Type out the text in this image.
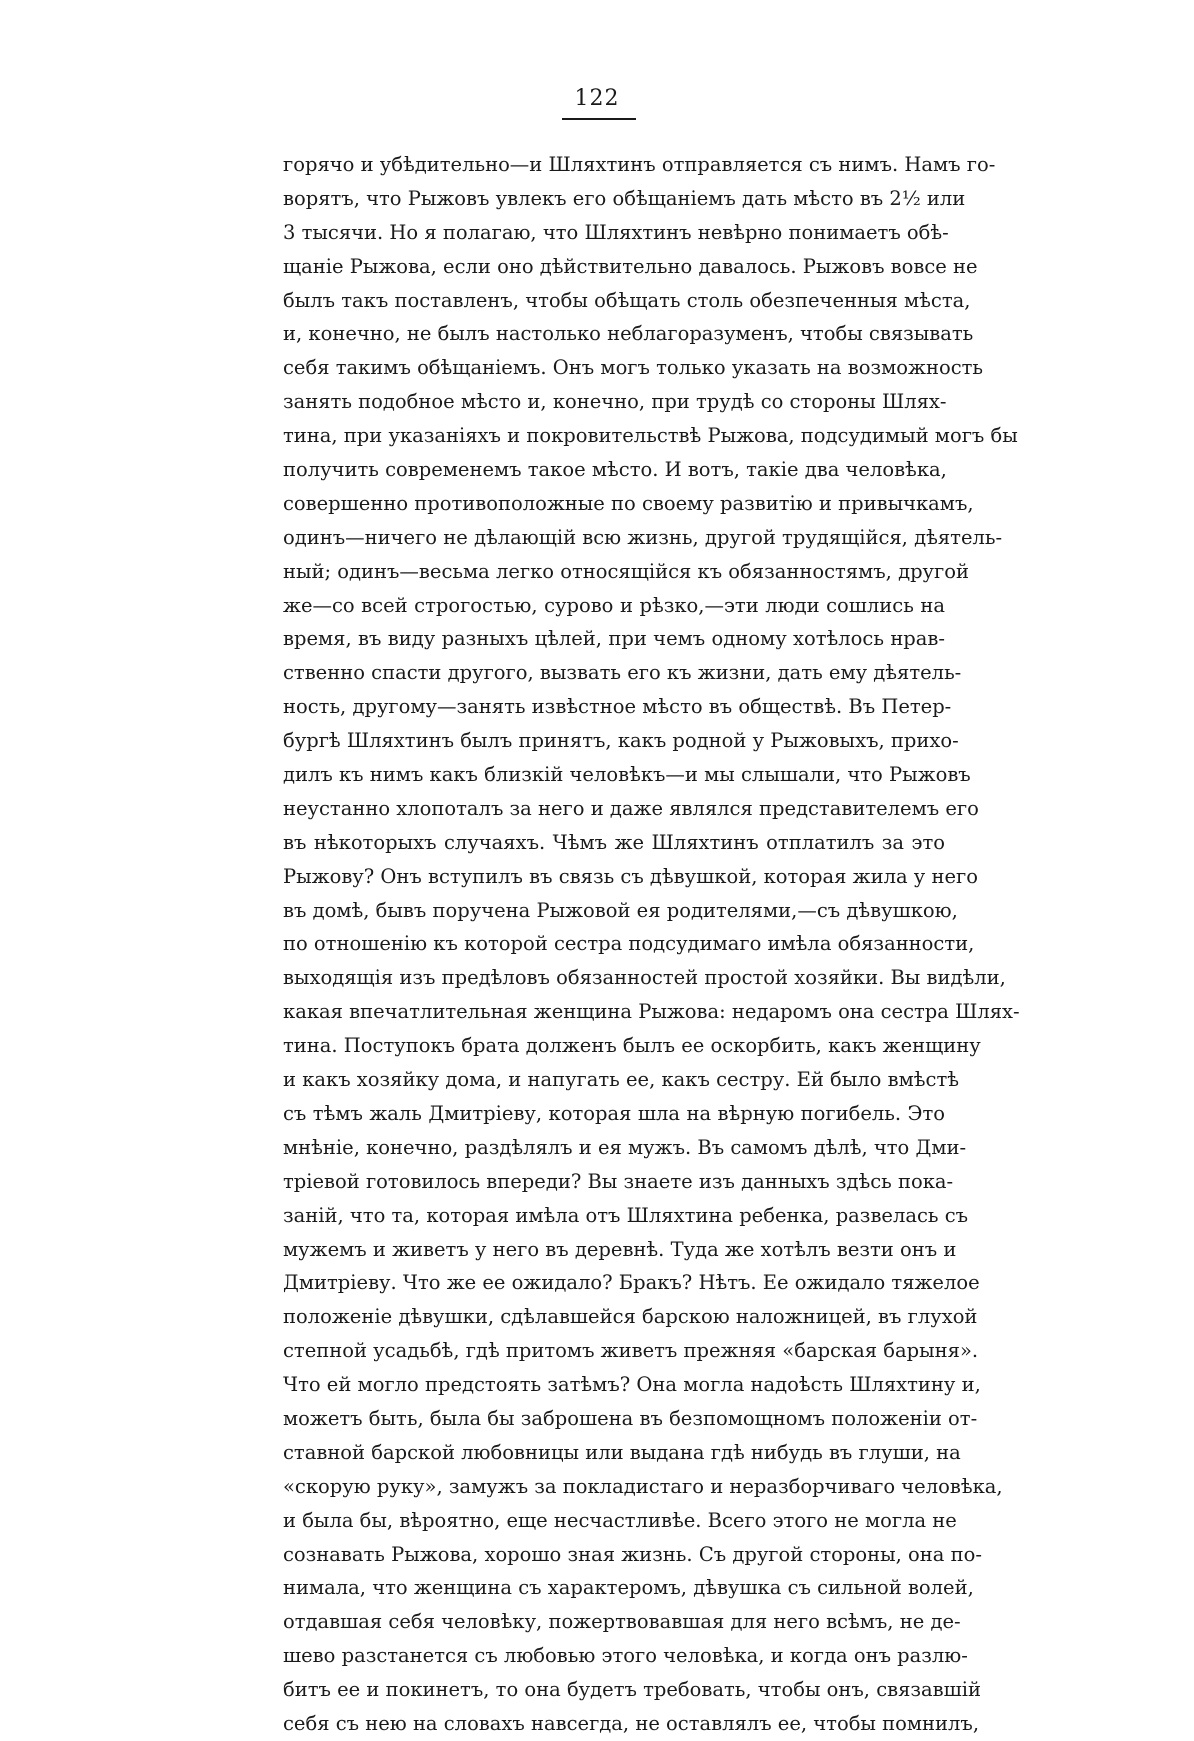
122
горячо и убѣдительно—и Шляхтинъ отправляется съ нимъ. Намъ го-
ворятъ, что Рыжовъ увлекъ его обѣщаніемъ дать мѣсто въ 2½ или
3 тысячи. Но я полагаю, что Шляхтинъ невѣрно понимаетъ обѣ-
щаніе Рыжова, если оно дѣйствительно давалось. Рыжовъ вовсе не
былъ такъ поставленъ, чтобы обѣщать столь обезпеченныя мѣста,
и, конечно, не былъ настолько неблагоразуменъ, чтобы связывать
себя такимъ обѣщаніемъ. Онъ могъ только указать на возможность
занять подобное мѣсто и, конечно, при трудѣ со стороны Шлях-
тина, при указаніяхъ и покровительствѣ Рыжова, подсудимый могъ бы
получить современемъ такое мѣсто. И вотъ, такіе два человѣка,
совершенно противоположные по своему развитію и привычкамъ,
одинъ—ничего не дѣлающій всю жизнь, другой трудящійся, дѣятель-
ный; одинъ—весьма легко относящійся къ обязанностямъ, другой
же—со всей строгостью, сурово и рѣзко,—эти люди сошлись на
время, въ виду разныхъ цѣлей, при чемъ одному хотѣлось нрав-
ственно спасти другого, вызвать его къ жизни, дать ему дѣятель-
ность, другому—занять извѣстное мѣсто въ обществѣ. Въ Петер-
бургѣ Шляхтинъ былъ принятъ, какъ родной у Рыжовыхъ, прихо-
дилъ къ нимъ какъ близкій человѣкъ—и мы слышали, что Рыжовъ
неустанно хлопоталъ за него и даже являлся представителемъ его
въ нѣкоторыхъ случаяхъ. Чѣмъ же Шляхтинъ отплатилъ за это
Рыжову? Онъ вступилъ въ связь съ дѣвушкой, которая жила у него
въ домѣ, бывъ поручена Рыжовой ея родителями,—съ дѣвушкою,
по отношенію къ которой сестра подсудимаго имѣла обязанности,
выходящія изъ предѣловъ обязанностей простой хозяйки. Вы видѣли,
какая впечатлительная женщина Рыжова: недаромъ она сестра Шлях-
тина. Поступокъ брата долженъ былъ ее оскорбить, какъ женщину
и какъ хозяйку дома, и напугать ее, какъ сестру. Ей было вмѣстѣ
съ тѣмъ жаль Дмитріеву, которая шла на вѣрную погибель. Это
мнѣніе, конечно, раздѣлялъ и ея мужъ. Въ самомъ дѣлѣ, что Дми-
тріевой готовилось впереди? Вы знаете изъ данныхъ здѣсь пока-
заній, что та, которая имѣла отъ Шляхтина ребенка, развелась съ
мужемъ и живетъ у него въ деревнѣ. Туда же хотѣлъ везти онъ и
Дмитріеву. Что же ее ожидало? Бракъ? Нѣтъ. Ее ожидало тяжелое
положеніе дѣвушки, сдѣлавшейся барскою наложницей, въ глухой
степной усадьбѣ, гдѣ притомъ живетъ прежняя «барская барыня».
Что ей могло предстоять затѣмъ? Она могла надоѣсть Шляхтину и,
можетъ быть, была бы заброшена въ безпомощномъ положеніи от-
ставной барской любовницы или выдана гдѣ нибудь въ глуши, на
«скорую руку», замужъ за покладистаго и неразборчиваго человѣка,
и была бы, вѣроятно, еще несчастливѣе. Всего этого не могла не
сознавать Рыжова, хорошо зная жизнь. Съ другой стороны, она по-
нимала, что женщина съ характеромъ, дѣвушка съ сильной волей,
отдавшая себя человѣку, пожертвовавшая для него всѣмъ, не де-
шево разстанется съ любовью этого человѣка, и когда онъ разлю-
битъ ее и покинетъ, то она будетъ требовать, чтобы онъ, связавшій
себя съ нею на словахъ навсегда, не оставлялъ ее, чтобы помнилъ,
